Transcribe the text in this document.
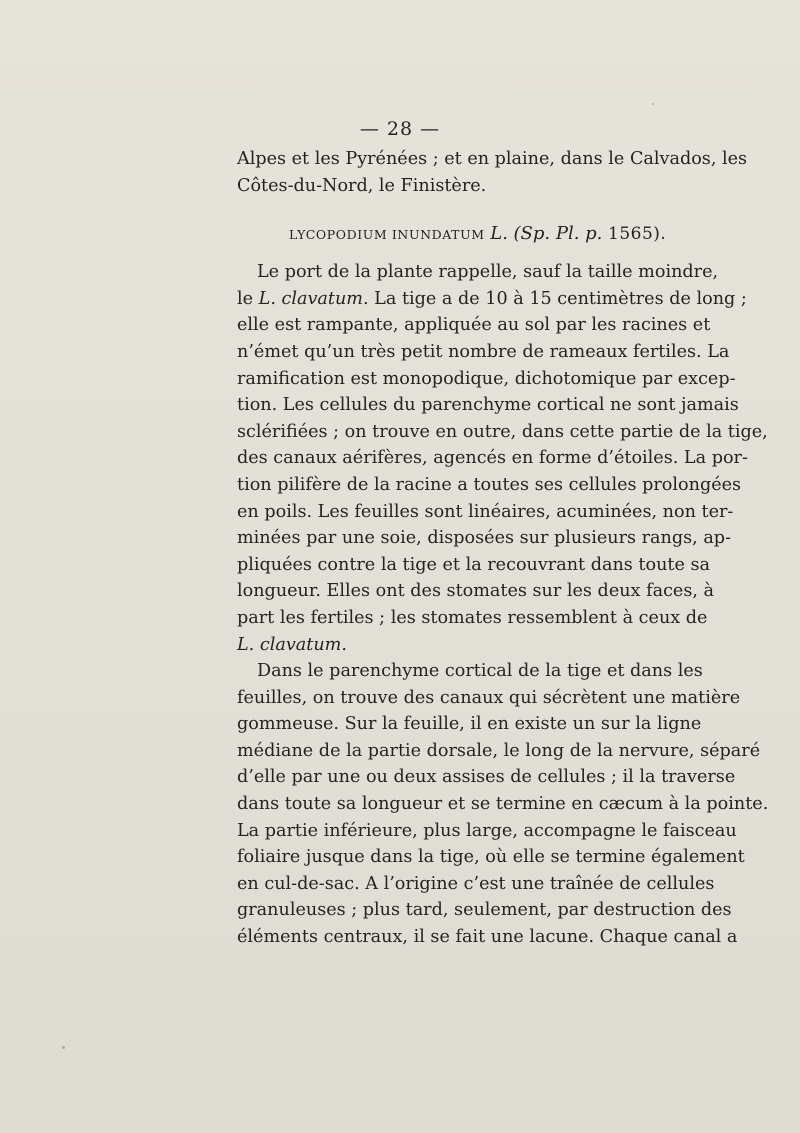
— 28 —
Alpes et les Pyrénées ; et en plaine, dans le Calvados, les
Côtes-du-Nord, le Finistère.
LYCOPODIUM INUNDATUM L. (Sp. Pl. p. 1565).
Le port de la plante rappelle, sauf la taille moindre,
le L. clavatum. La tige a de 10 à 15 centimètres de long ;
elle est rampante, appliquée au sol par les racines et
n’émet qu’un très petit nombre de rameaux fertiles. La
ramification est monopodique, dichotomique par excep-
tion. Les cellules du parenchyme cortical ne sont jamais
sclérifiées ; on trouve en outre, dans cette partie de la tige,
des canaux aérifères, agencés en forme d’étoiles. La por-
tion pilifère de la racine a toutes ses cellules prolongées
en poils. Les feuilles sont linéaires, acuminées, non ter-
minées par une soie, disposées sur plusieurs rangs, ap-
pliquées contre la tige et la recouvrant dans toute sa
longueur. Elles ont des stomates sur les deux faces, à
part les fertiles ; les stomates ressemblent à ceux de
L. clavatum.
Dans le parenchyme cortical de la tige et dans les
feuilles, on trouve des canaux qui sécrètent une matière
gommeuse. Sur la feuille, il en existe un sur la ligne
médiane de la partie dorsale, le long de la nervure, séparé
d’elle par une ou deux assises de cellules ; il la traverse
dans toute sa longueur et se termine en cæcum à la pointe.
La partie inférieure, plus large, accompagne le faisceau
foliaire jusque dans la tige, où elle se termine également
en cul-de-sac. A l’origine c’est une traînée de cellules
granuleuses ; plus tard, seulement, par destruction des
éléments centraux, il se fait une lacune. Chaque canal a
